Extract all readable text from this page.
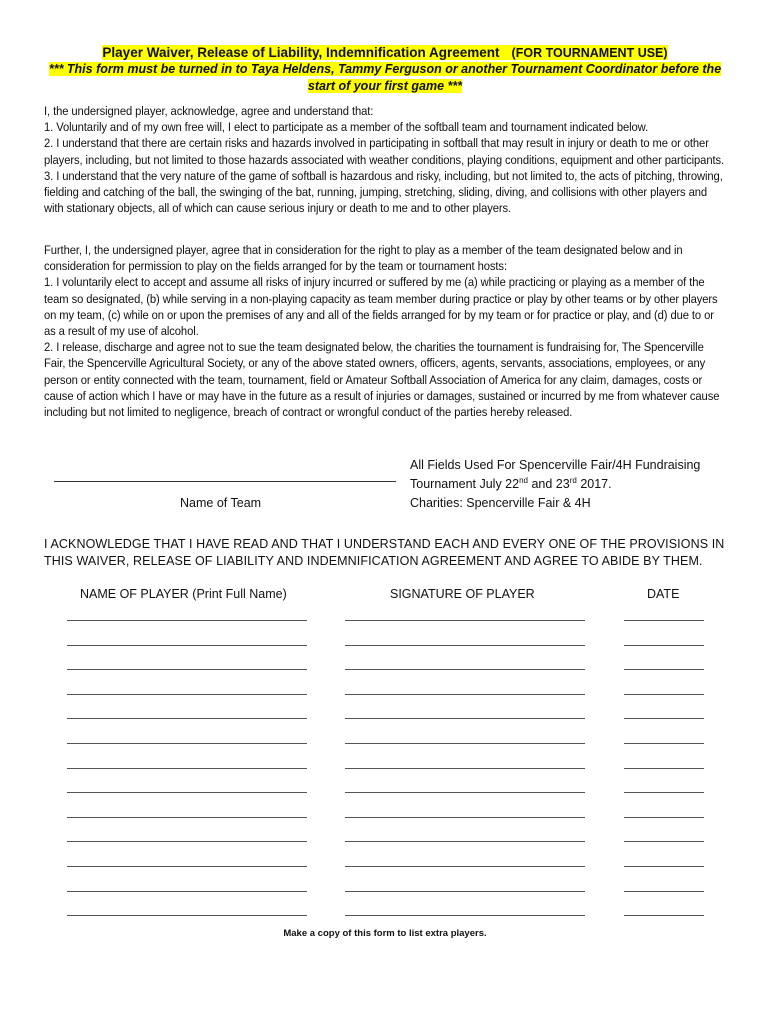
Player Waiver, Release of Liability, Indemnification Agreement (FOR TOURNAMENT USE)

*** This form must be turned in to Taya Heldens, Tammy Ferguson or another Tournament Coordinator before the start of your first game ***

I, the undersigned player, acknowledge, agree and understand that:
1. Voluntarily and of my own free will, I elect to participate as a member of the softball team and tournament indicated below.
2. I understand that there are certain risks and hazards involved in participating in softball that may result in injury or death to me or other players, including, but not limited to those hazards associated with weather conditions, playing conditions, equipment and other participants.
3. I understand that the very nature of the game of softball is hazardous and risky, including, but not limited to, the acts of pitching, throwing, fielding and catching of the ball, the swinging of the bat, running, jumping, stretching, sliding, diving, and collisions with other players and with stationary objects, all of which can cause serious injury or death to me and to other players.
Further, I, the undersigned player, agree that in consideration for the right to play as a member of the team designated below and in consideration for permission to play on the fields arranged for by the team or tournament hosts:
1. I voluntarily elect to accept and assume all risks of injury incurred or suffered by me (a) while practicing or playing as a member of the team so designated, (b) while serving in a non-playing capacity as team member during practice or play by other teams or by other players on my team, (c) while on or upon the premises of any and all of the fields arranged for by my team or for practice or play, and (d) due to or as a result of my use of alcohol.
2. I release, discharge and agree not to sue the team designated below, the charities the tournament is fundraising for, The Spencerville Fair, the Spencerville Agricultural Society, or any of the above stated owners, officers, agents, servants, associations, employees, or any person or entity connected with the team, tournament, field or Amateur Softball Association of America for any claim, damages, costs or cause of action which I have or may have in the future as a result of injuries or damages, sustained or incurred by me from whatever cause including but not limited to negligence, breach of contract or wrongful conduct of the parties hereby released.
All Fields Used For Spencerville Fair/4H Fundraising
Tournament July 22nd and 23rd 2017.
Name of Team	Charities: Spencerville Fair & 4H

I ACKNOWLEDGE THAT I HAVE READ AND THAT I UNDERSTAND EACH AND EVERY ONE OF THE PROVISIONS IN THIS WAIVER, RELEASE OF LIABILITY AND INDEMNIFICATION AGREEMENT AND AGREE TO ABIDE BY THEM.

NAME OF PLAYER (Print Full Name)	SIGNATURE OF PLAYER	DATE
Make a copy of this form to list extra players.
